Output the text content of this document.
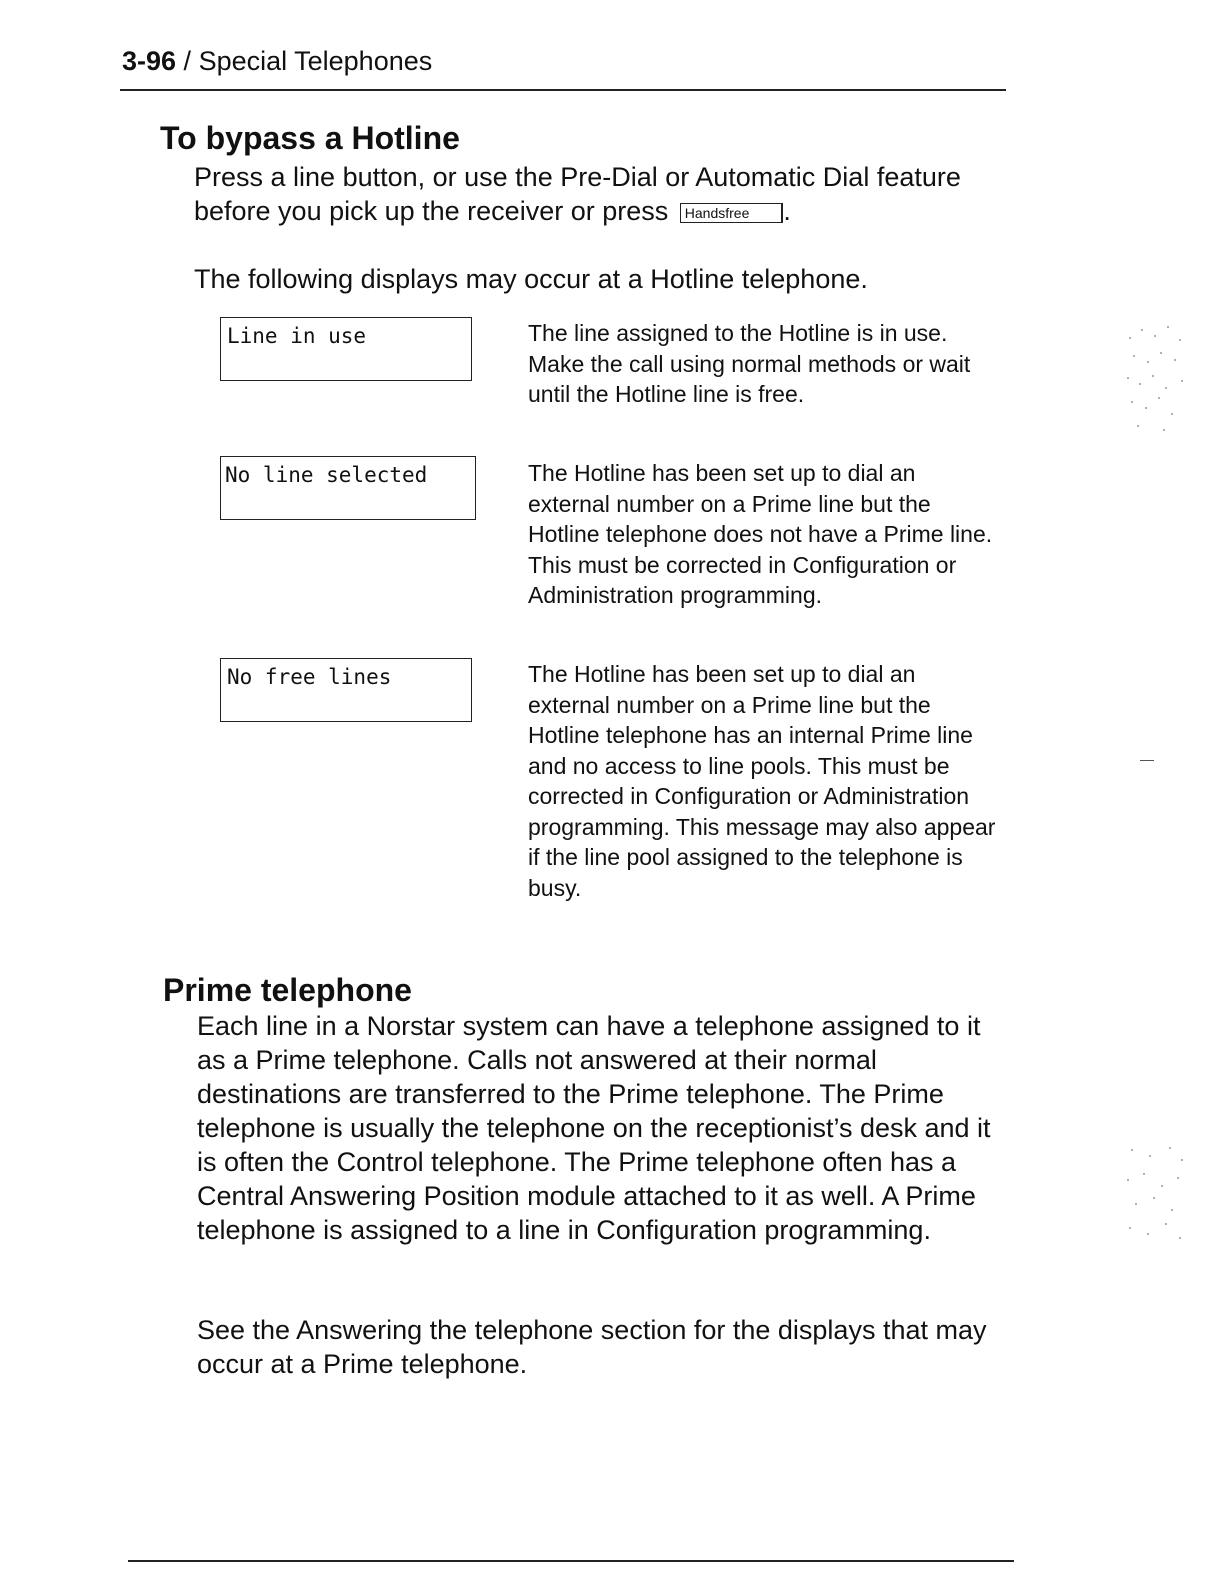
3-96 / Special Telephones
To bypass a Hotline
Press a line button, or use the Pre-Dial or Automatic Dial feature before you pick up the receiver or press Handsfree .
The following displays may occur at a Hotline telephone.
Line in use	The line assigned to the Hotline is in use. Make the call using normal methods or wait until the Hotline line is free.
No line selected	The Hotline has been set up to dial an external number on a Prime line but the Hotline telephone does not have a Prime line. This must be corrected in Configuration or Administration programming.
No free lines	The Hotline has been set up to dial an external number on a Prime line but the Hotline telephone has an internal Prime line and no access to line pools. This must be corrected in Configuration or Administration programming. This message may also appear if the line pool assigned to the telephone is busy.
Prime telephone
Each line in a Norstar system can have a telephone assigned to it as a Prime telephone. Calls not answered at their normal destinations are transferred to the Prime telephone. The Prime telephone is usually the telephone on the receptionist’s desk and it is often the Control telephone. The Prime telephone often has a Central Answering Position module attached to it as well. A Prime telephone is assigned to a line in Configuration programming.
See the Answering the telephone section for the displays that may occur at a Prime telephone.
